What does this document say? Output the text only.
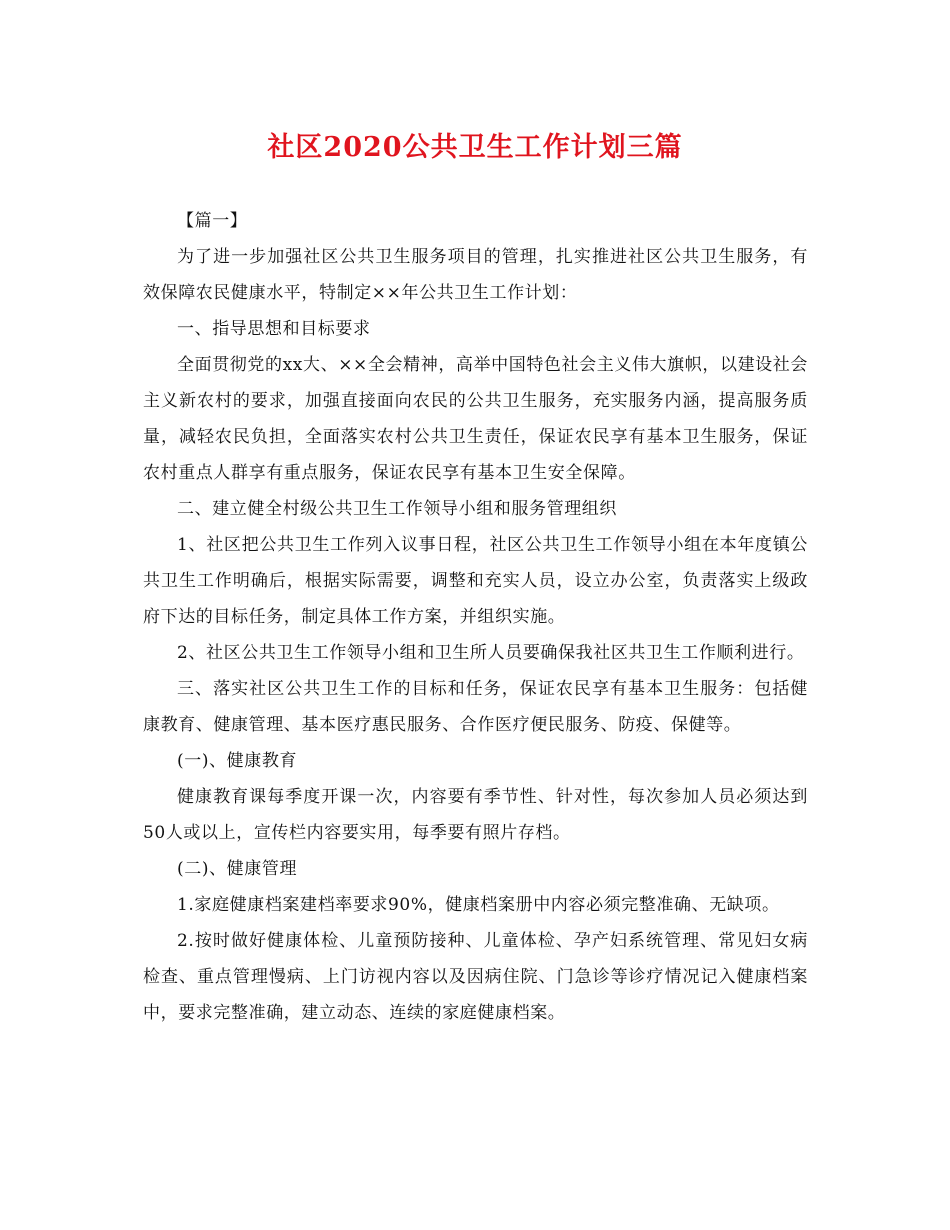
社区2020公共卫生工作计划三篇

【篇一】

为了进一步加强社区公共卫生服务项目的管理，扎实推进社区公共卫生服务，有效保障农民健康水平，特制定××年公共卫生工作计划：

一、指导思想和目标要求

全面贯彻党的xx大、××全会精神，高举中国特色社会主义伟大旗帜，以建设社会主义新农村的要求，加强直接面向农民的公共卫生服务，充实服务内涵，提高服务质量，减轻农民负担，全面落实农村公共卫生责任，保证农民享有基本卫生服务，保证农村重点人群享有重点服务，保证农民享有基本卫生安全保障。

二、建立健全村级公共卫生工作领导小组和服务管理组织

1、社区把公共卫生工作列入议事日程，社区公共卫生工作领导小组在本年度镇公共卫生工作明确后，根据实际需要，调整和充实人员，设立办公室，负责落实上级政府下达的目标任务，制定具体工作方案，并组织实施。

2、社区公共卫生工作领导小组和卫生所人员要确保我社区共卫生工作顺利进行。

三、落实社区公共卫生工作的目标和任务，保证农民享有基本卫生服务：包括健康教育、健康管理、基本医疗惠民服务、合作医疗便民服务、防疫、保健等。

(一)、健康教育

健康教育课每季度开课一次，内容要有季节性、针对性，每次参加人员必须达到50人或以上，宣传栏内容要实用，每季要有照片存档。

(二)、健康管理

1.家庭健康档案建档率要求90%，健康档案册中内容必须完整准确、无缺项。

2.按时做好健康体检、儿童预防接种、儿童体检、孕产妇系统管理、常见妇女病检查、重点管理慢病、上门访视内容以及因病住院、门急诊等诊疗情况记入健康档案中，要求完整准确，建立动态、连续的家庭健康档案。
